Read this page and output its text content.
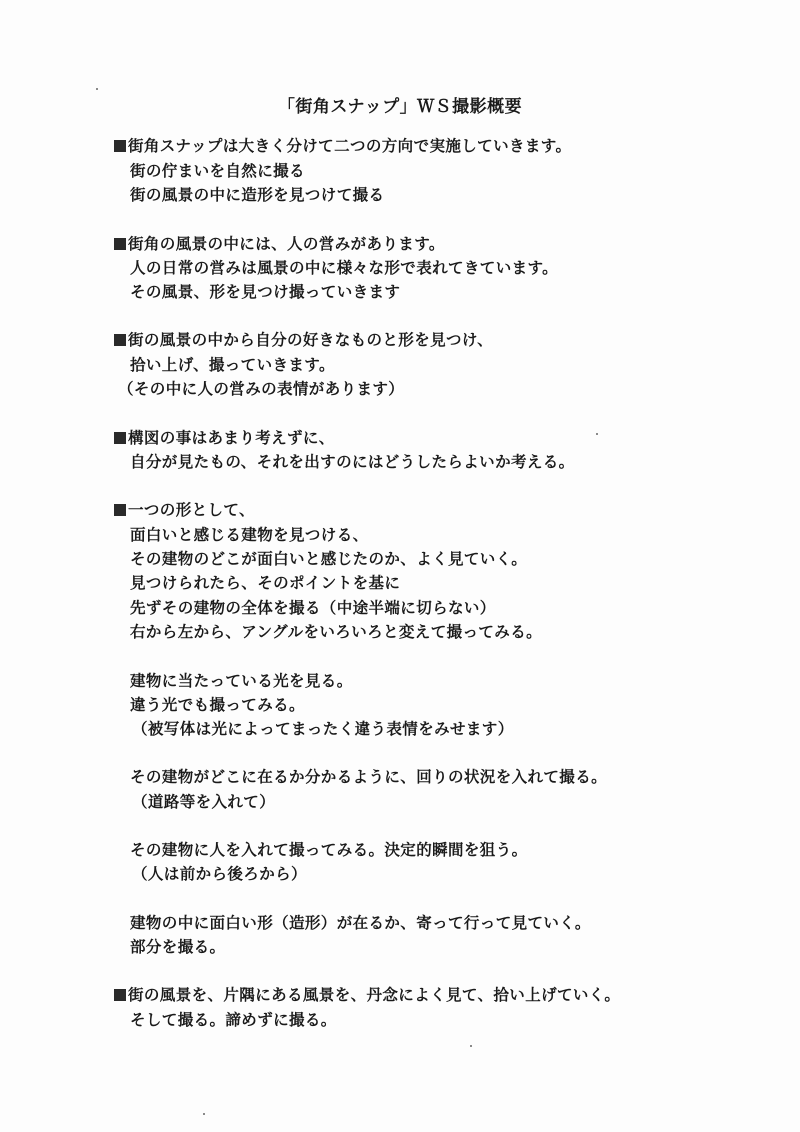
「街角スナップ」ＷＳ撮影概要
街角スナップは大きく分けて二つの方向で実施していきます。
街の佇まいを自然に撮る
街の風景の中に造形を見つけて撮る
街角の風景の中には、人の営みがあります。
人の日常の営みは風景の中に様々な形で表れてきています。
その風景、形を見つけ撮っていきます
街の風景の中から自分の好きなものと形を見つけ、
拾い上げ、撮っていきます。
（その中に人の営みの表情があります）
構図の事はあまり考えずに、
自分が見たもの、それを出すのにはどうしたらよいか考える。
一つの形として、
面白いと感じる建物を見つける、
その建物のどこが面白いと感じたのか、よく見ていく。
見つけられたら、そのポイントを基に
先ずその建物の全体を撮る（中途半端に切らない）
右から左から、アングルをいろいろと変えて撮ってみる。
建物に当たっている光を見る。
違う光でも撮ってみる。
（被写体は光によってまったく違う表情をみせます）
その建物がどこに在るか分かるように、回りの状況を入れて撮る。
（道路等を入れて）
その建物に人を入れて撮ってみる。決定的瞬間を狙う。
（人は前から後ろから）
建物の中に面白い形（造形）が在るか、寄って行って見ていく。
部分を撮る。
街の風景を、片隅にある風景を、丹念によく見て、拾い上げていく。
そして撮る。諦めずに撮る。
